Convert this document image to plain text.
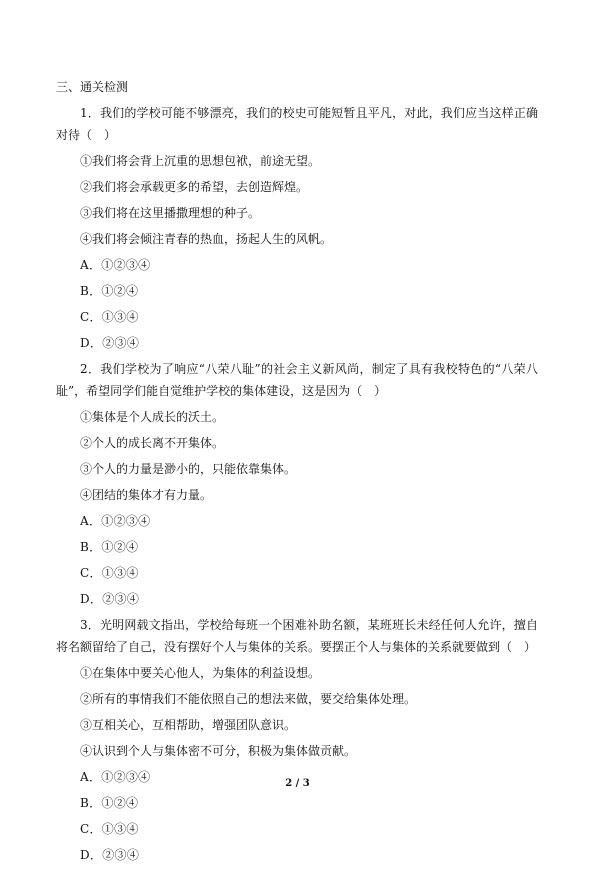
三、通关检测
1．我们的学校可能不够漂亮，我们的校史可能短暂且平凡，对此，我们应当这样正确对待（　）
①我们将会背上沉重的思想包袱，前途无望。
②我们将会承载更多的希望，去创造辉煌。
③我们将在这里播撒理想的种子。
④我们将会倾注青春的热血，扬起人生的风帆。
A．①②③④
B．①②④
C．①③④
D．②③④
2．我们学校为了响应“八荣八耻”的社会主义新风尚，制定了具有我校特色的“八荣八耻”，希望同学们能自觉维护学校的集体建设，这是因为（　）
①集体是个人成长的沃土。
②个人的成长离不开集体。
③个人的力量是渺小的，只能依靠集体。
④团结的集体才有力量。
A．①②③④
B．①②④
C．①③④
D．②③④
3．光明网载文指出，学校给每班一个困难补助名额，某班班长未经任何人允许，擅自将名额留给了自己，没有摆好个人与集体的关系。要摆正个人与集体的关系就要做到（　）
①在集体中要关心他人，为集体的利益设想。
②所有的事情我们不能依照自己的想法来做，要交给集体处理。
③互相关心，互相帮助，增强团队意识。
④认识到个人与集体密不可分，积极为集体做贡献。
A．①②③④
B．①②④
C．①③④
D．②③④
2 / 3
